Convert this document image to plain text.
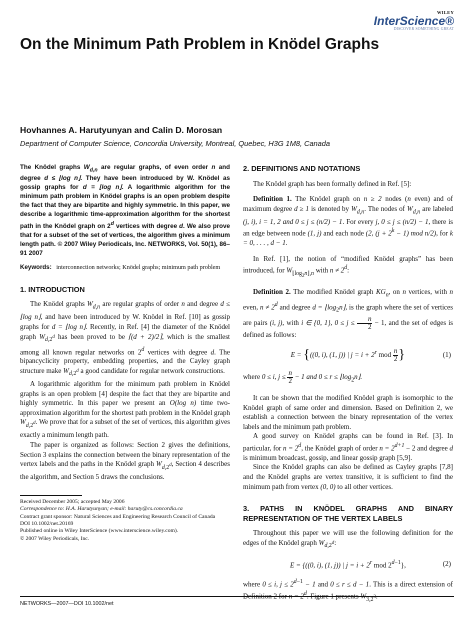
WILEY
InterScience®
DISCOVER SOMETHING GREAT
On the Minimum Path Problem in Knödel Graphs
Hovhannes A. Harutyunyan and Calin D. Morosan
Department of Computer Science, Concordia University, Montreal, Quebec, H3G 1M8, Canada

The Knödel graphs $W_{d,n}$ are regular graphs, of even order n and degree d ≤ ⌊log n⌋. They have been introduced by W. Knödel as gossip graphs for d = ⌊log n⌋. A logarithmic algorithm for the minimum path problem in Knödel graphs is an open problem despite the fact that they are bipartite and highly symmetric. In this paper, we describe a logarithmic time-approximation algorithm for the shortest path in the Knödel graph on 2$^d$ vertices with degree d. We also prove that for a subset of the set of vertices, the algorithm gives a minimum length path. © 2007 Wiley Periodicals, Inc. NETWORKS, Vol. 50(1), 86–91 2007

Keywords: interconnection networks; Knödel graphs; minimum path problem
1. INTRODUCTION

The Knödel graphs $W_{d,n}$ are regular graphs of order n and degree d ≤ ⌊log n⌋, and have been introduced by W. Knödel in Ref. [10] as gossip graphs for d = ⌊log n⌋. Recently, in Ref. [4] the diameter of the Knödel graph $W_{d,2^d}$ has been proved to be ⌈(d + 2)/2⌉, which is the smallest among all known regular networks on 2$^d$ vertices with degree d. The bipancyclicity property, embedding properties, and the Cayley graph structure make $W_{d,2^d}$ a good candidate for regular network constructions.

A logarithmic algorithm for the minimum path problem in Knödel graphs is an open problem [4] despite the fact that they are bipartite and highly symmetric. In this paper we present an O(log n) time two-approximation algorithm for the shortest path problem in the Knödel graph $W_{d,2^d}$. We prove that for a subset of the set of vertices, this algorithm gives exactly a minimum length path.

The paper is organized as follows: Section 2 gives the definitions, Section 3 explains the connection between the binary representation of the vertex labels and the paths in the Knödel graph $W_{d,2^d}$, Section 4 describes the algorithm, and Section 5 draws the conclusions.

Received December 2005; accepted May 2006

Correspondence to: H.A. Harutyunyan; e-mail: haruty@cs.concordia.ca

Contract grant sponsor: Natural Sciences and Engineering Research Council of Canada

DOI 10.1002/net.20169

Published online in Wiley InterScience (www.interscience.wiley.com).

© 2007 Wiley Periodicals, Inc.

2. DEFINITIONS AND NOTATIONS

The Knödel graph has been formally defined in Ref. [5]:

Definition 1. The Knödel graph on n ≥ 2 nodes (n even) and of maximum degree d ≥ 1 is denoted by $W_{d,n}$. The nodes of $W_{d,n}$ are labeled (j, i), i = 1, 2 and 0 ≤ j ≤ (n/2) − 1. For every j, 0 ≤ j ≤ (n/2) − 1, there is an edge between node (1, j) and each node (2, $(j + 2^k - 1)$ mod n/2), for k = 0, . . . , d − 1.

In Ref. [1], the notion of “modified Knödel graphs” has been introduced, for $W_{⌊log_2n⌋,n}$ with $n \ne 2^d$:

Definition 2. The modified Knödel graph $KG_n$, on n vertices, with n even, $n \ne 2^d$ and degree $d = ⌊\log_2n⌋$, is the graph where the set of vertices are pairs (i, j), with i ∈ {0, 1}, $0 \le j \le \frac{n}{2} - 1$, and the set of edges is defined as follows:

E = {((0, i), (1, j)) | $j = i + 2^r$ mod $\frac{n}{2}$ }	(1)

where 0 ≤ i, $j \le \frac{n}{2} - 1$ and $0 \le r \le ⌊\log_2n⌋$.

It can be shown that the modified Knödel graph is isomorphic to the Knödel graph of same order and dimension. Based on Definition 2, we establish a connection between the binary representation of the vertex labels and the minimum path problem.

A good survey on Knödel graphs can be found in Ref. [3]. In particular, for $n = 2^d$, the Knödel graph of order $n = 2^{d+1} - 2$ and degree d is minimum broadcast, gossip, and linear gossip graph [5,9].

Since the Knödel graphs can also be defined as Cayley graphs [7,8] and the Knödel graphs are vertex transitive, it is sufficient to find the minimum path from vertex (0, 0) to all other vertices.

3. PATHS IN KNÖDEL GRAPHS AND BINARY REPRESENTATION OF THE VERTEX LABELS

Throughout this paper we will use the following definition for the edges of the Knödel graph $W_{d,2^d}$:

E = {((0, i), (1, j)) | $j = i + 2^r$ mod $2^{d-1}$},	(2)

where 0 ≤ i, $j \le 2^{d-1} - 1$ and 0 ≤ r ≤ d − 1. This is a direct extension of Definition 2 for $n = 2^d$. Figure 1 presents $W_{3,2^3}$.

NETWORKS—2007—DOI 10.1002/net
